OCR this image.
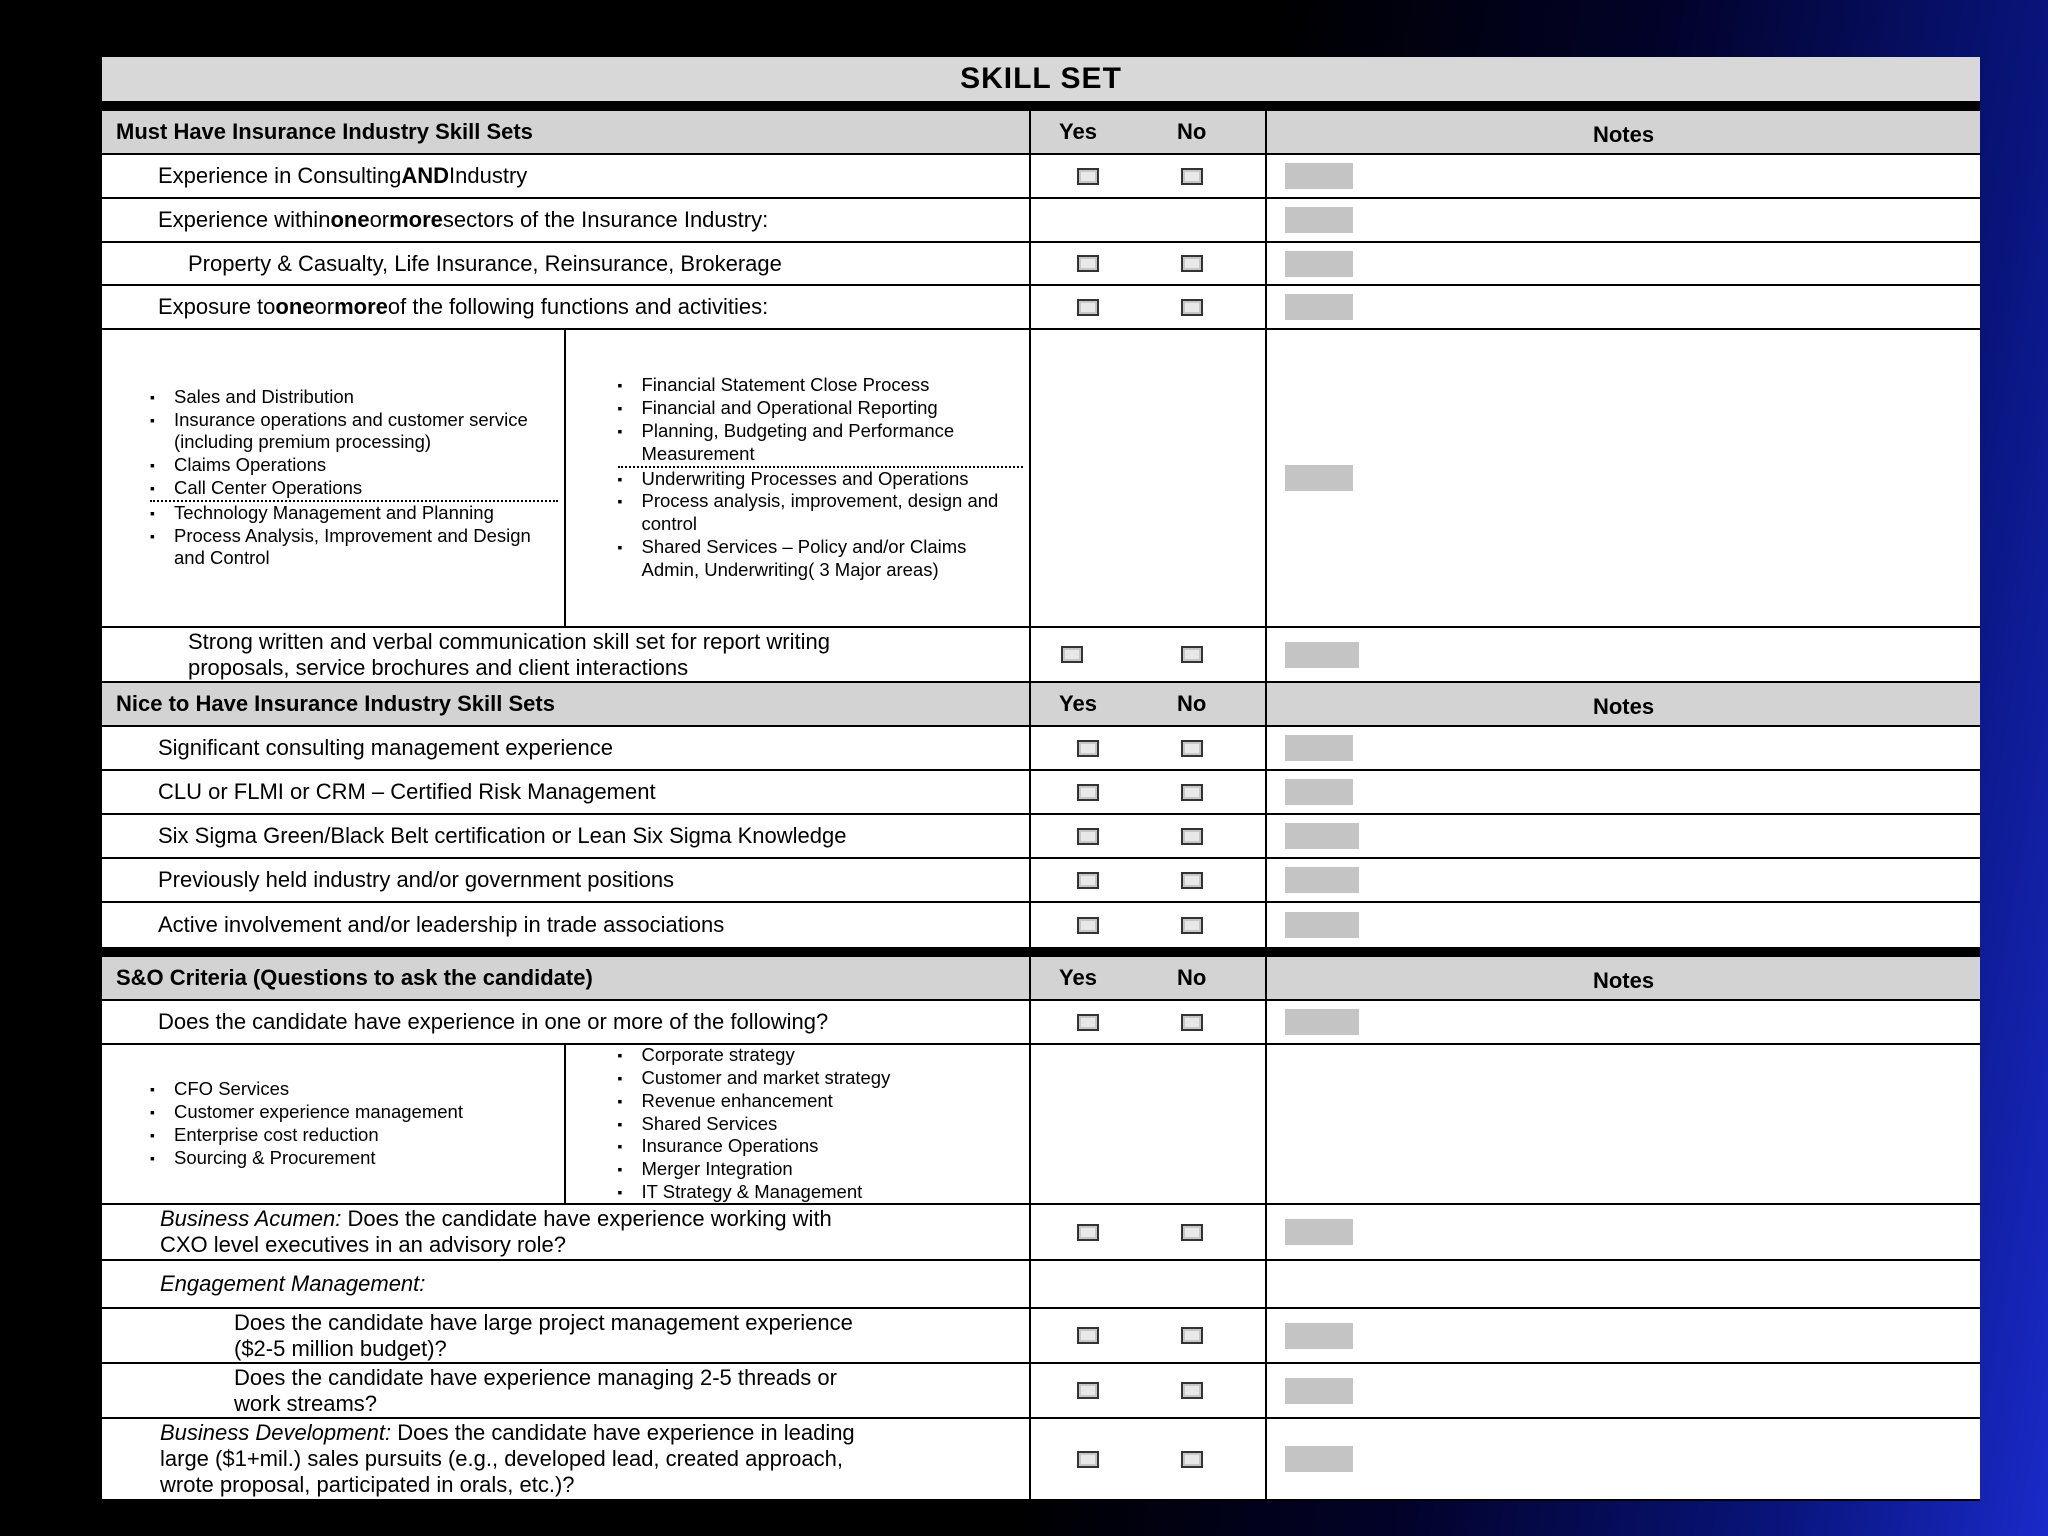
SKILL SET
Must Have Insurance Industry Skill Sets	Yes	No	Notes
Experience in Consulting AND Industry
Experience within one or more sectors of the Insurance Industry:
Property & Casualty, Life Insurance, Reinsurance, Brokerage
Exposure to one or more of the following functions and activities:
▪ Sales and Distribution
▪ Insurance operations and customer service (including premium processing)
▪ Claims Operations
▪ Call Center Operations
▪ Technology Management and Planning
▪ Process Analysis, Improvement and Design and Control
▪ Financial Statement Close Process
▪ Financial and Operational Reporting
▪ Planning, Budgeting and Performance Measurement
▪ Underwriting Processes and Operations
▪ Process analysis, improvement, design and control
▪ Shared Services – Policy and/or Claims Admin, Underwriting( 3 Major areas)
Strong written and verbal communication skill set for report writing
proposals, service brochures and client interactions
Nice to Have Insurance Industry Skill Sets	Yes	No	Notes
Significant consulting management experience
CLU or FLMI or CRM – Certified Risk Management
Six Sigma Green/Black Belt certification or Lean Six Sigma Knowledge
Previously held industry and/or government positions
Active involvement and/or leadership in trade associations
S&O Criteria (Questions to ask the candidate)	Yes	No	Notes
Does the candidate have experience in one or more of the following?
▪ CFO Services
▪ Customer experience management
▪ Enterprise cost reduction
▪ Sourcing & Procurement
▪ Corporate strategy
▪ Customer and market strategy
▪ Revenue enhancement
▪ Shared Services
▪ Insurance Operations
▪ Merger Integration
▪ IT Strategy & Management
Business Acumen: Does the candidate have experience working with
CXO level executives in an advisory role?
Engagement Management:
Does the candidate have large project management experience
($2-5 million budget)?
Does the candidate have experience managing 2-5 threads or
work streams?
Business Development: Does the candidate have experience in leading
large ($1+mil.) sales pursuits (e.g., developed lead, created approach,
wrote proposal, participated in orals, etc.)?
